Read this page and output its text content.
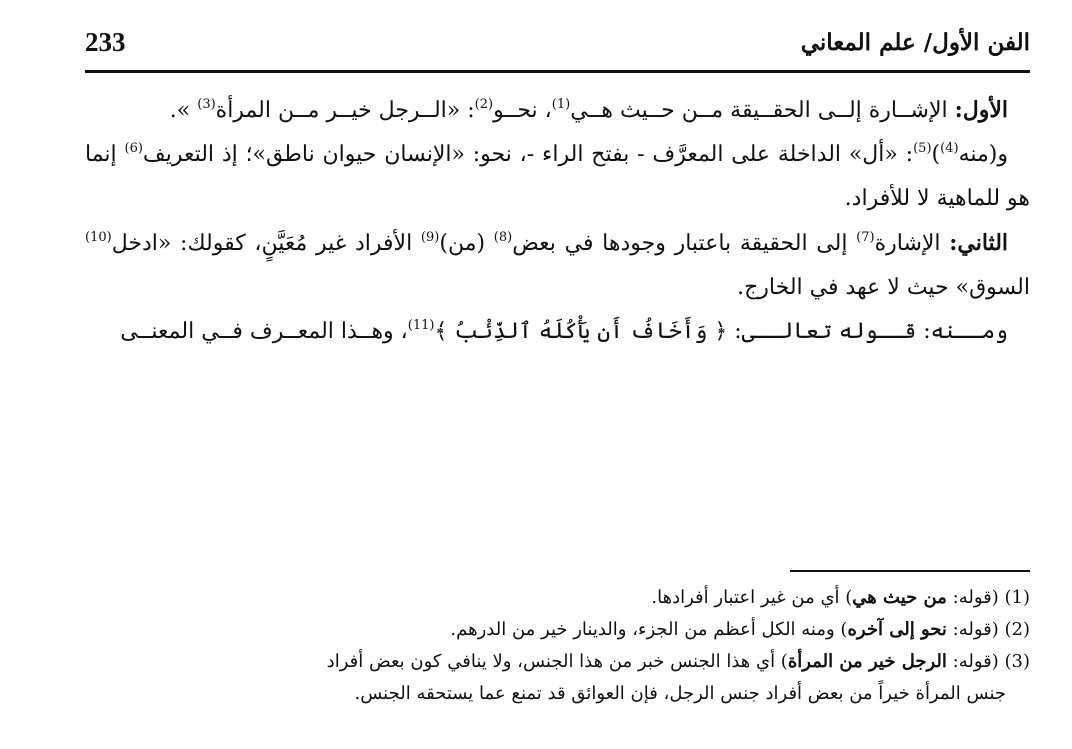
233	الفن الأول/ علم المعاني

الأول: الإشــارة إلــى الحقــيقة مــن حــيث هــي$^{(1)}$، نحــو$^{(2)}$: «الــرجل خيــر مــن المرأة$^{(3)}$ ».

و(منه$^{(4)}$)$^{(5)}$: «أل» الداخلة على المعرَّف - بفتح الراء -، نحو: «الإنسان حيوان ناطق»؛ إذ التعريف$^{(6)}$ إنما هو للماهية لا للأفراد.

الثاني: الإشارة$^{(7)}$ إلى الحقيقة باعتبار وجودها في بعض$^{(8)}$ (من)$^{(9)}$ الأفراد غير مُعَيَّنٍ، كقولك: «ادخل$^{(10)}$ السوق» حيث لا عهد في الخارج.

ومــنه: قــوله تعالــى: ﴿ وَأَخَافُ أَن يَأْكُلَهُ ٱلذِّئْبُ ﴾$^{(11)}$، وهــذا المعــرف فــي المعنــى

(1) (قوله: من حيث هي) أي من غير اعتبار أفرادها.

(2) (قوله: نحو إلى آخره) ومنه الكل أعظم من الجزء، والدينار خير من الدرهم.

(3) (قوله: الرجل خير من المرأة) أي هذا الجنس خبر من هذا الجنس، ولا ينافي كون بعض أفراد
جنس المرأة خيراً من بعض أفراد جنس الرجل، فإن العوائق قد تمنع عما يستحقه الجنس.
